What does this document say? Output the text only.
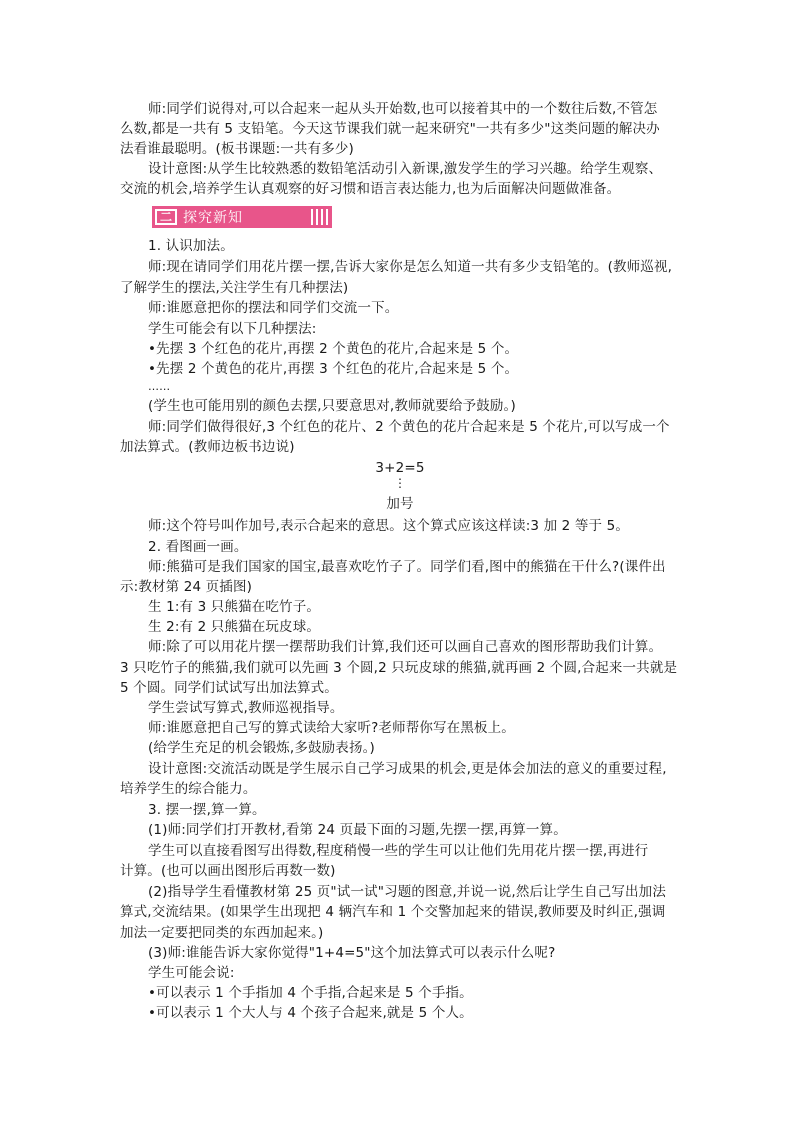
师:同学们说得对,可以合起来一起从头开始数,也可以接着其中的一个数往后数,不管怎
么数,都是一共有 5 支铅笔。今天这节课我们就一起来研究"一共有多少"这类问题的解决办
法看谁最聪明。(板书课题:一共有多少)
设计意图:从学生比较熟悉的数铅笔活动引入新课,激发学生的学习兴趣。给学生观察、
交流的机会,培养学生认真观察的好习惯和语言表达能力,也为后面解决问题做准备。
二 探究新知
1. 认识加法。
师:现在请同学们用花片摆一摆,告诉大家你是怎么知道一共有多少支铅笔的。(教师巡视,
了解学生的摆法,关注学生有几种摆法)
师:谁愿意把你的摆法和同学们交流一下。
学生可能会有以下几种摆法:
•先摆 3 个红色的花片,再摆 2 个黄色的花片,合起来是 5 个。
•先摆 2 个黄色的花片,再摆 3 个红色的花片,合起来是 5 个。
……
(学生也可能用别的颜色去摆,只要意思对,教师就要给予鼓励。)
师:同学们做得很好,3 个红色的花片、2 个黄色的花片合起来是 5 个花片,可以写成一个
加法算式。(教师边板书边说)
3+2=5
⋮
加号
师:这个符号叫作加号,表示合起来的意思。这个算式应该这样读:3 加 2 等于 5。
2. 看图画一画。
师:熊猫可是我们国家的国宝,最喜欢吃竹子了。同学们看,图中的熊猫在干什么?(课件出
示:教材第 24 页插图)
生 1:有 3 只熊猫在吃竹子。
生 2:有 2 只熊猫在玩皮球。
师:除了可以用花片摆一摆帮助我们计算,我们还可以画自己喜欢的图形帮助我们计算。
3 只吃竹子的熊猫,我们就可以先画 3 个圆,2 只玩皮球的熊猫,就再画 2 个圆,合起来一共就是
5 个圆。同学们试试写出加法算式。
学生尝试写算式,教师巡视指导。
师:谁愿意把自己写的算式读给大家听?老师帮你写在黑板上。
(给学生充足的机会锻炼,多鼓励表扬。)
设计意图:交流活动既是学生展示自己学习成果的机会,更是体会加法的意义的重要过程,
培养学生的综合能力。
3. 摆一摆,算一算。
(1)师:同学们打开教材,看第 24 页最下面的习题,先摆一摆,再算一算。
学生可以直接看图写出得数,程度稍慢一些的学生可以让他们先用花片摆一摆,再进行
计算。(也可以画出图形后再数一数)
(2)指导学生看懂教材第 25 页"试一试"习题的图意,并说一说,然后让学生自己写出加法
算式,交流结果。(如果学生出现把 4 辆汽车和 1 个交警加起来的错误,教师要及时纠正,强调
加法一定要把同类的东西加起来。)
(3)师:谁能告诉大家你觉得"1+4=5"这个加法算式可以表示什么呢?
学生可能会说:
•可以表示 1 个手指加 4 个手指,合起来是 5 个手指。
•可以表示 1 个大人与 4 个孩子合起来,就是 5 个人。
